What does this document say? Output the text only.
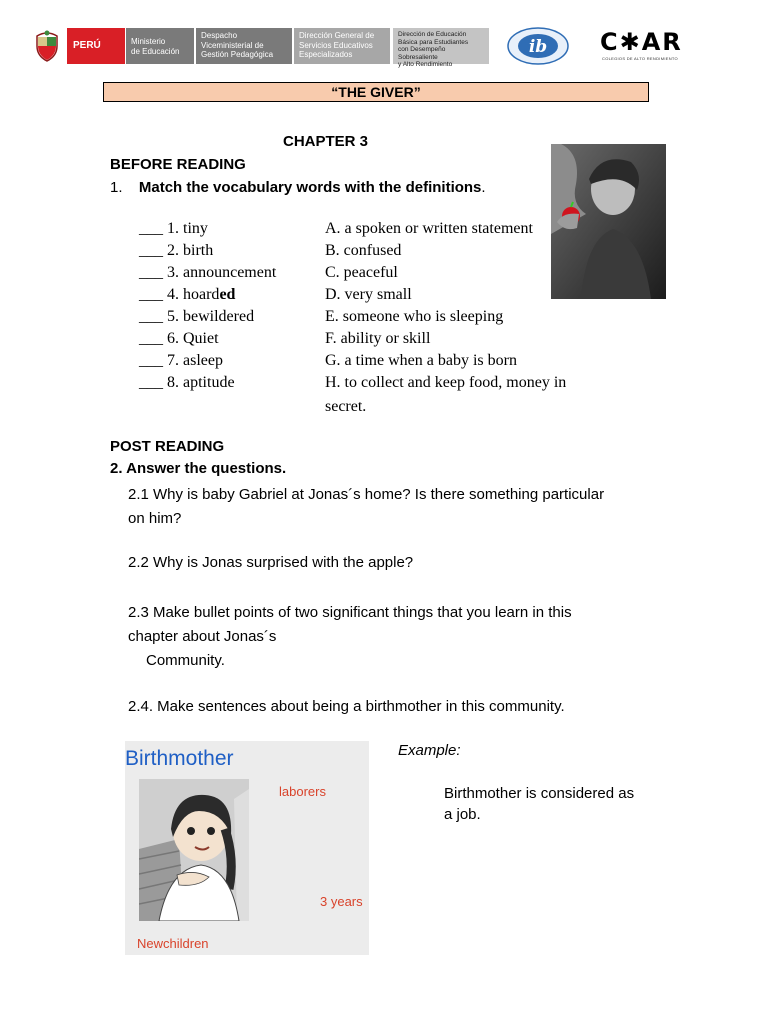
PERÚ	Ministerio
de Educación
Despacho
Viceministerial de
Gestión Pedagógica
Dirección General de
Servicios Educativos
Especializados
Dirección de Educación
Básica para Estudiantes
con Desempeño Sobresaliente
y Alto Rendimiento
ib C✱AR
COLEGIOS DE ALTO RENDIMIENTO
“THE GIVER”
CHAPTER 3
BEFORE READING
1. Match the vocabulary words with the definitions.
___ 1. tiny
___ 2. birth
___ 3. announcement
___ 4. hoarded
___ 5. bewildered
___ 6. Quiet
___ 7. asleep
___ 8. aptitude
A. a spoken or written statement
B. confused
C. peaceful
D. very small
E. someone who is sleeping
F. ability or skill
G. a time when a baby is born
H. to collect and keep food, money in
secret.
POST READING
2. Answer the questions.
2.1 Why is baby Gabriel at Jonas´s home? Is there something particular
on him?
2.2 Why is Jonas surprised with the apple?
2.3 Make bullet points of two significant things that you learn in this
chapter about Jonas´s
Community.
2.4. Make sentences about being a birthmother in this community.
Birthmother
laborers
3 years
Newchildren
Example:
Birthmother is considered as
a job.
